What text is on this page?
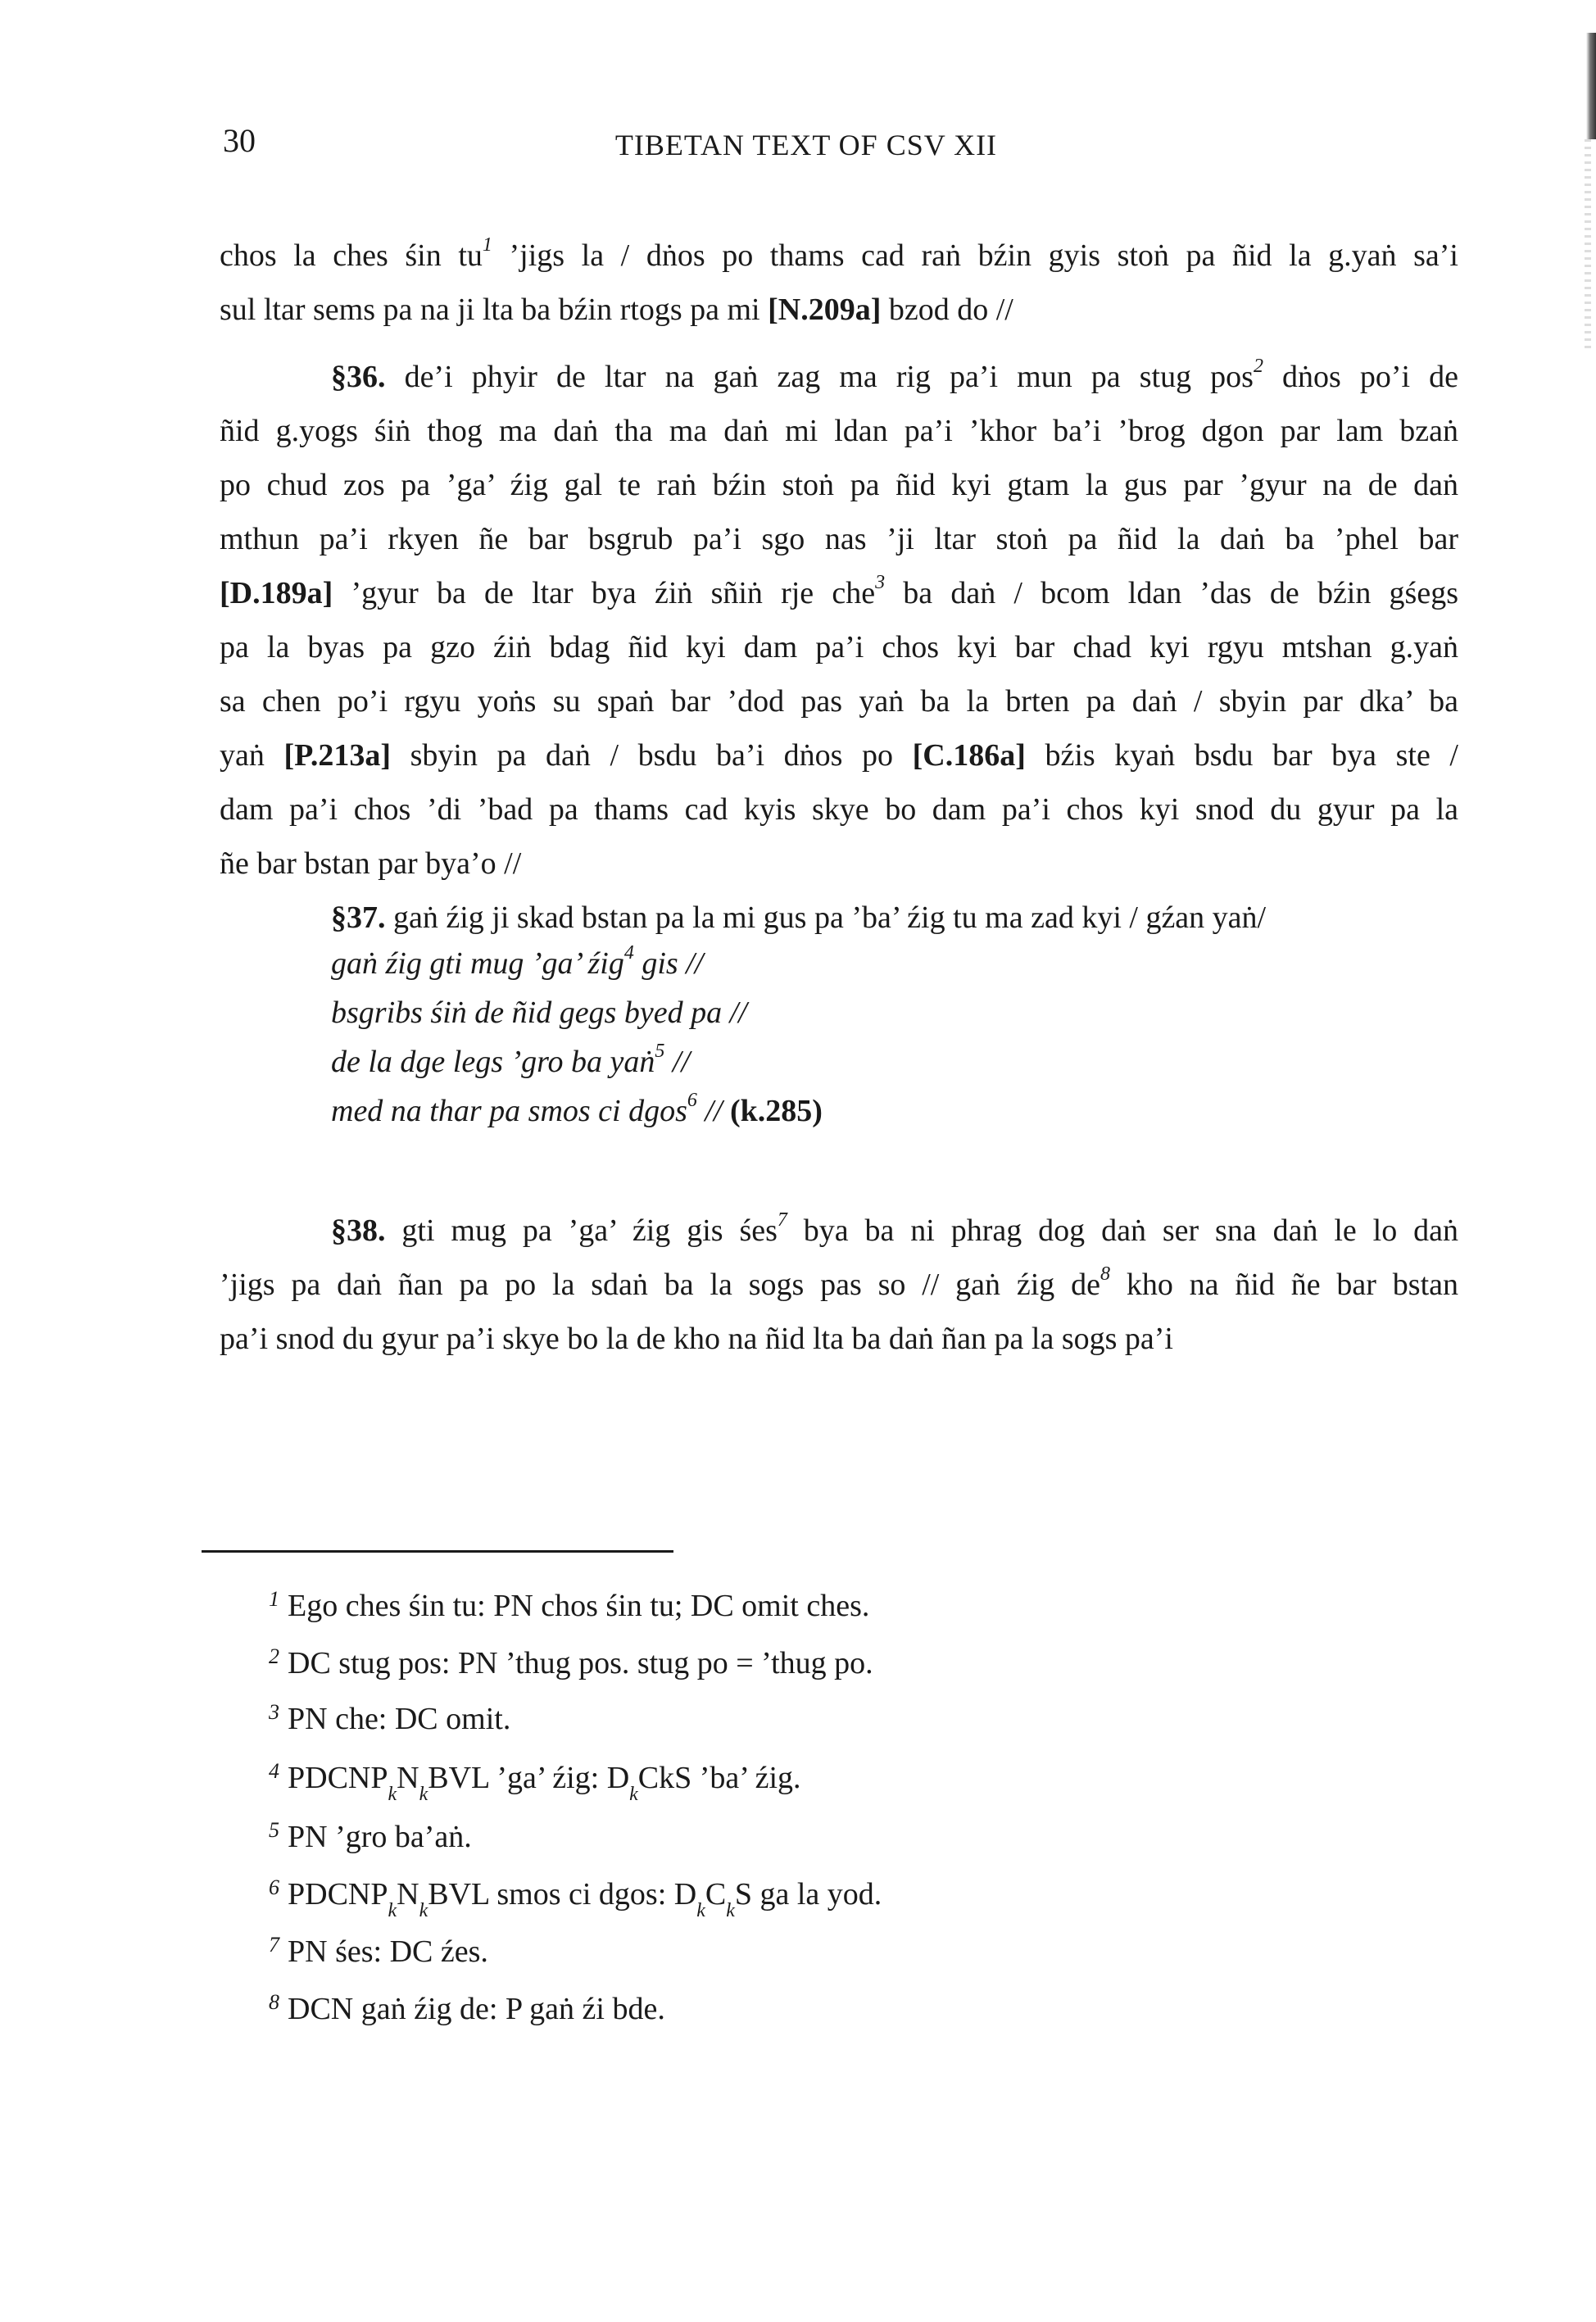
30	TIBETAN TEXT OF CSV XII
chos la ches śin $tu^1$ ’jigs la / dṅos po thams cad raṅ bźin gyis stoṅ pa ñid la g.yaṅ sa’i
sul ltar sems pa na ji lta ba bźin rtogs pa mi [N.209a] bzod do //
§36. de’i phyir de ltar na gaṅ zag ma rig pa’i mun pa stug pos$^2$ dṅos po’i de
ñid g.yogs śiṅ thog ma daṅ tha ma daṅ mi ldan pa’i ’khor ba’i ’brog dgon par lam bzaṅ
po chud zos pa ’ga’ źig gal te raṅ bźin stoṅ pa ñid kyi gtam la gus par ’gyur na de daṅ
mthun pa’i rkyen ñe bar bsgrub pa’i sgo nas ’ji ltar stoṅ pa ñid la daṅ ba ’phel bar
[D.189a] ’gyur ba de ltar bya źiṅ sñiṅ rje che$^3$ ba daṅ / bcom ldan ’das de bźin gśegs
pa la byas pa gzo źiṅ bdag ñid kyi dam pa’i chos kyi bar chad kyi rgyu mtshan g.yaṅ
sa chen po’i rgyu yoṅs su spaṅ bar ’dod pas yaṅ ba la brten pa daṅ / sbyin par dka’ ba
yaṅ [P.213a] sbyin pa daṅ / bsdu ba’i dṅos po [C.186a] bźis kyaṅ bsdu bar bya ste /
dam pa’i chos ’di ’bad pa thams cad kyis skye bo dam pa’i chos kyi snod du gyur pa la
ñe bar bstan par bya’o //
§37. gaṅ źig ji skad bstan pa la mi gus pa ’ba’ źig tu ma zad kyi / gźan yaṅ/
gaṅ źig gti mug ’ga’ źig$^4$ gis //
bsgribs śiṅ de ñid gegs byed pa //
de la dge legs ’gro ba yaṅ$^5$ //
med na thar pa smos ci dgos$^6$ // (k.285)
§38. gti mug pa ’ga’ źig gis śes$^7$ bya ba ni phrag dog daṅ ser sna daṅ le lo daṅ
’jigs pa daṅ ñan pa po la sdaṅ ba la sogs pas so // gaṅ źig $de^8$ kho na ñid ñe bar bstan
pa’i snod du gyur pa’i skye bo la de kho na ñid lta ba daṅ ñan pa la sogs pa’i
$^1$ Ego ches śin tu: PN chos śin tu; DC omit ches.
$^2$ DC stug pos: PN ’thug pos. stug po = ’thug po.
$^3$ PN che: DC omit.
$^4$ $PDCNP_kN_kBVL$ ’ga’ źig: $D_kCkS$ ’ba’ źig.
$^5$ PN ’gro ba’aṅ.
$^6$ $PDCNP_kN_kBVL$ smos ci dgos: $D_kC_kS$ ga la yod.
$^7$ PN śes: DC źes.
$^8$ DCN gaṅ źig de: P gaṅ źi bde.
